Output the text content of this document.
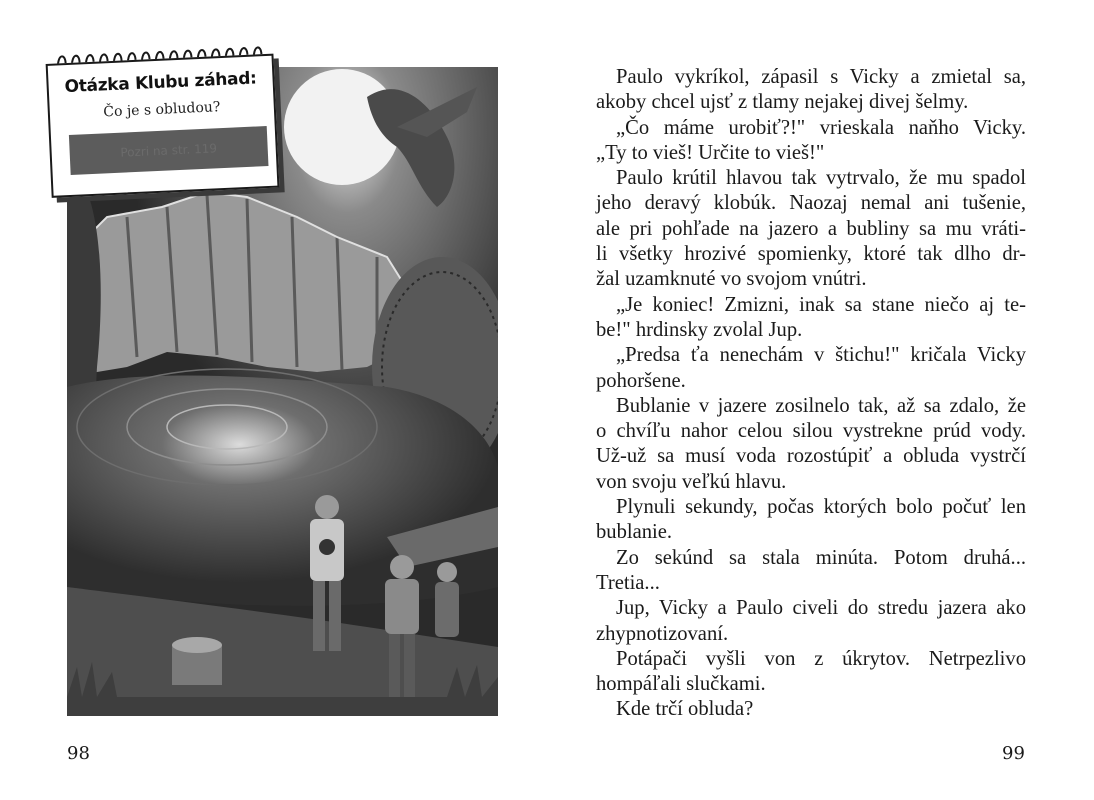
Otázka Klubu záhad:
Čo je s obludou?
Pozri na str. 119
98
Paulo vykríkol, zápasil s Vicky a zmietal sa,
akoby chcel ujsť z tlamy nejakej divej šelmy.
„Čo máme urobiť?!" vrieskala naňho Vicky.
„Ty to vieš! Určite to vieš!"
Paulo krútil hlavou tak vytrvalo, že mu spadol
jeho deravý klobúk. Naozaj nemal ani tušenie,
ale pri pohľade na jazero a bubliny sa mu vráti-
li všetky hrozivé spomienky, ktoré tak dlho dr-
žal uzamknuté vo svojom vnútri.
„Je koniec! Zmizni, inak sa stane niečo aj te-
be!" hrdinsky zvolal Jup.
„Predsa ťa nenechám v štichu!" kričala Vicky
pohoršene.
Bublanie v jazere zosilnelo tak, až sa zdalo, že
o chvíľu nahor celou silou vystrekne prúd vody.
Už-už sa musí voda rozostúpiť a obluda vystrčí
von svoju veľkú hlavu.
Plynuli sekundy, počas ktorých bolo počuť len
bublanie.
Zo sekúnd sa stala minúta. Potom druhá...
Tretia...
Jup, Vicky a Paulo civeli do stredu jazera ako
zhypnotizovaní.
Potápači vyšli von z úkrytov. Netrpezlivo
hompáľali slučkami.
Kde trčí obluda?
99
